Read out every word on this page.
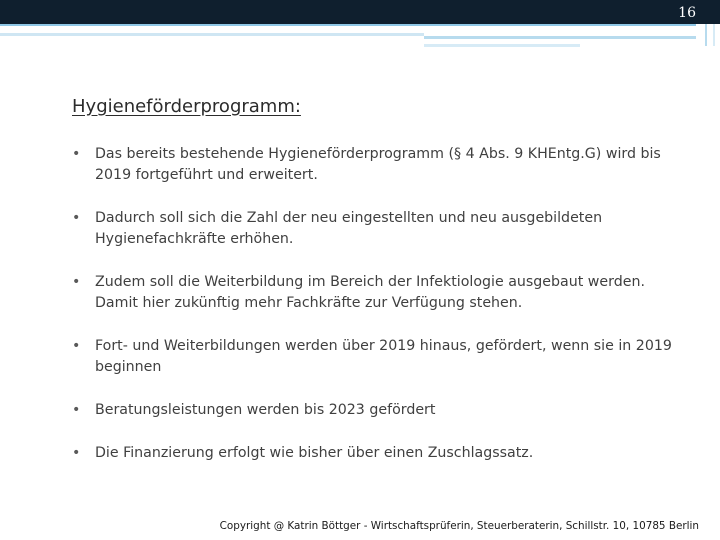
16
Hygieneförderprogramm:
• Das bereits bestehende Hygieneförderprogramm (§ 4 Abs. 9 KHEntg.G) wird bis 2019 fortgeführt und erweitert.
• Dadurch soll sich die Zahl der neu eingestellten und neu ausgebildeten Hygienefachkräfte erhöhen.
• Zudem soll die Weiterbildung im Bereich der Infektiologie ausgebaut werden. Damit hier zukünftig mehr Fachkräfte zur Verfügung stehen.
• Fort- und Weiterbildungen werden über 2019 hinaus, gefördert, wenn sie in 2019 beginnen
• Beratungsleistungen werden bis 2023 gefördert
• Die Finanzierung erfolgt wie bisher über einen Zuschlagssatz.
Copyright @ Katrin Böttger - Wirtschaftsprüferin, Steuerberaterin, Schillstr. 10, 10785 Berlin
